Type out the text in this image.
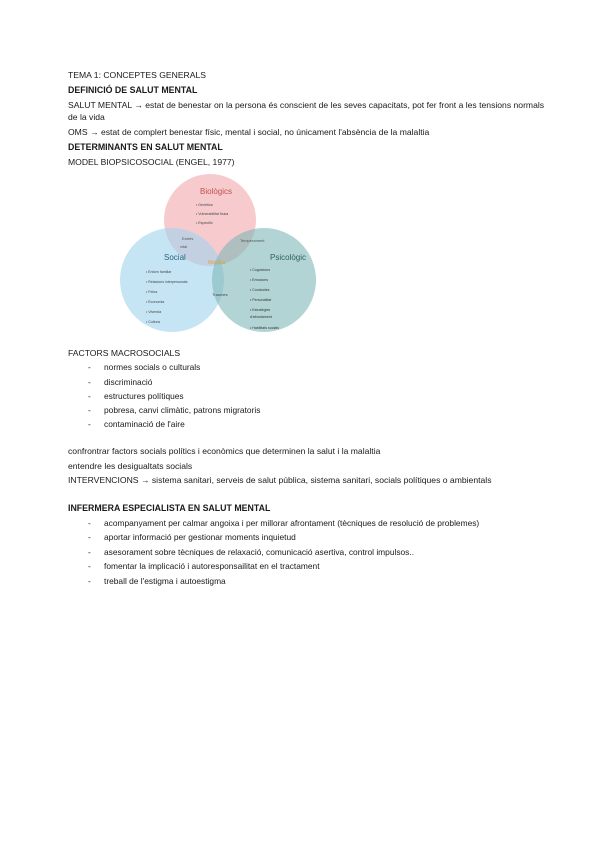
TEMA 1: CONCEPTES GENERALS
DEFINICIÓ DE SALUT MENTAL
SALUT MENTAL → estat de benestar on la persona és conscient de les seves capacitats, pot fer front a les tensions normals
de la vida
OMS → estat de complert benestar físic, mental i social, no únicament l'absència de la malaltia
DETERMINANTS EN SALUT MENTAL
MODEL BIOPSICOSOCIAL (ENGEL, 1977)
Biològics
• Genètica
• Vulnerabilitat física
• Específic
Estrès
vital
Temperament
Malaltia
Social
• Entorn familiar
• Relacions interpersonals
• Feina
• Economia
• Vivenda
• Cultura
Psicològic
• Cognicions
• Emocions
• Conductes
• Personalitat
• Estratègies
d'afrontament
• Habilitats socials
Traumes
FACTORS MACROSOCIALS
- normes socials o culturals
- discriminació
- estructures polítiques
- pobresa, canvi climàtic, patrons migratoris
- contaminació de l'aire
confrontrar factors socials polítics i econòmics que determinen la salut i la malaltia
entendre les desigualtats socials
INTERVENCIONS → sistema sanitari, serveis de salut pública, sistema sanitari, socials polítiques o ambientals
INFERMERA ESPECIALISTA EN SALUT MENTAL
- acompanyament per calmar angoixa i per millorar afrontament (tècniques de resolució de problemes)
- aportar informació per gestionar moments inquietud
- asesorament sobre tècniques de relaxació, comunicació asertiva, control impulsos..
- fomentar la implicació i autoresponsailitat en el tractament
- treball de l'estigma i autoestigma
